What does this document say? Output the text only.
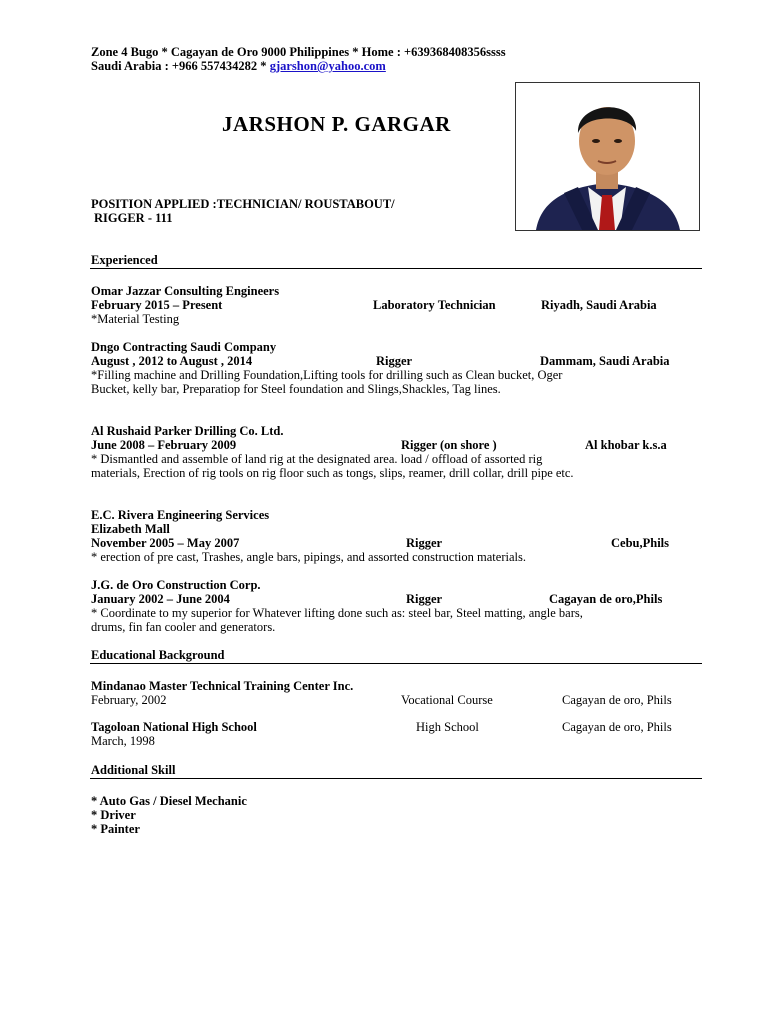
Zone 4 Bugo * Cagayan de Oro 9000 Philippines * Home : +639368408356ssss
Saudi Arabia : +966 557434282 * gjarshon@yahoo.com
JARSHON P. GARGAR
POSITION APPLIED :TECHNICIAN/ ROUSTABOUT/
RIGGER - 111
Experienced
Omar Jazzar Consulting Engineers
February 2015 – Present	Laboratory Technician	Riyadh, Saudi Arabia
*Material Testing
Dngo Contracting Saudi Company
August , 2012 to August , 2014	Rigger	Dammam, Saudi Arabia
*Filling machine and Drilling Foundation,Lifting tools for drilling such as Clean bucket, Oger
Bucket, kelly bar, Preparatiop for Steel foundation and Slings,Shackles, Tag lines.
Al Rushaid Parker Drilling Co. Ltd.
June 2008 – February 2009	Rigger (on shore )	Al khobar k.s.a
* Dismantled and assemble of land rig at the designated area. load / offload of assorted rig
materials, Erection of rig tools on rig floor such as tongs, slips, reamer, drill collar, drill pipe etc.
E.C. Rivera Engineering Services
Elizabeth Mall
November 2005 – May 2007	Rigger	Cebu,Phils
* erection of pre cast, Trashes, angle bars, pipings, and assorted construction materials.
J.G. de Oro Construction Corp.
January 2002 – June 2004	Rigger	Cagayan de oro,Phils
* Coordinate to my superior for Whatever lifting done such as: steel bar, Steel matting, angle bars,
drums, fin fan cooler and generators.
Educational Background
Mindanao Master Technical Training Center Inc.
February, 2002	Vocational Course	Cagayan de oro, Phils
Tagoloan National High School	High School	Cagayan de oro, Phils
March, 1998
Additional Skill
* Auto Gas / Diesel Mechanic
* Driver
* Painter
